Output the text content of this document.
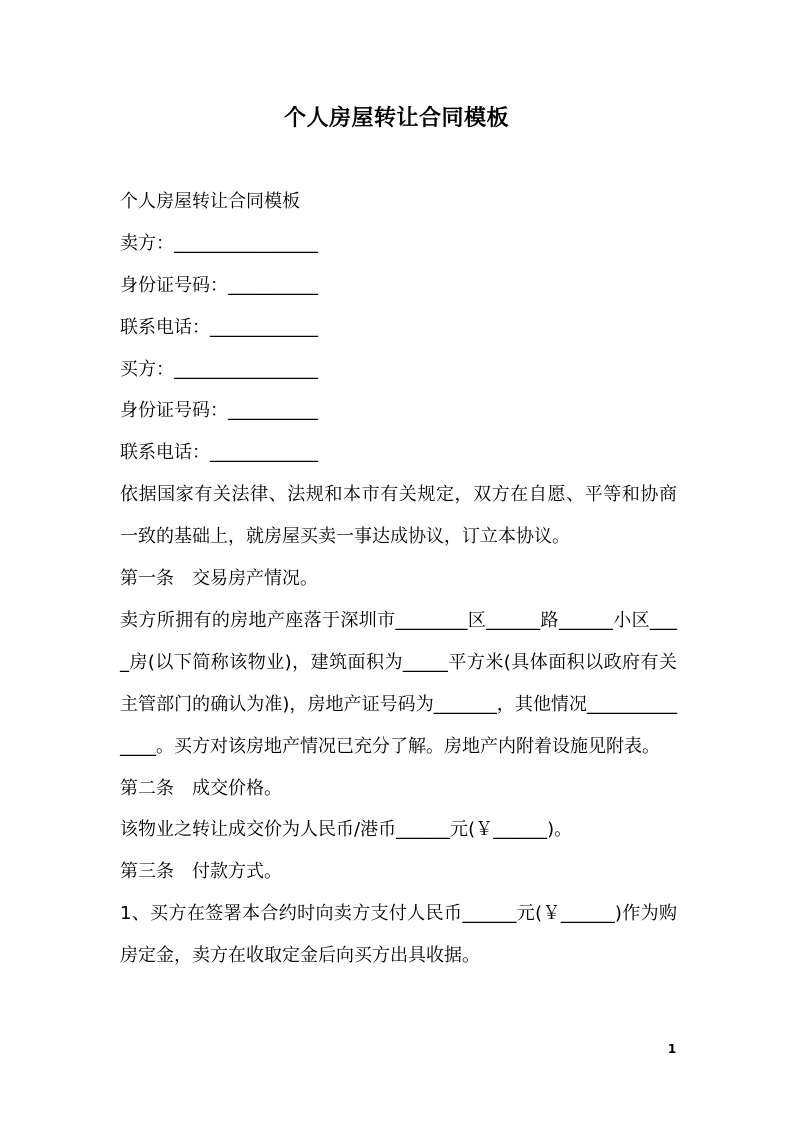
个人房屋转让合同模板
个人房屋转让合同模板
卖方：________________
身份证号码：__________
联系电话：____________
买方：________________
身份证号码：__________
联系电话：____________
依据国家有关法律、法规和本市有关规定，双方在自愿、平等和协商一致的基础上，就房屋买卖一事达成协议，订立本协议。
第一条　交易房产情况。
卖方所拥有的房地产座落于深圳市________区______路______小区____房(以下简称该物业)，建筑面积为_____平方米(具体面积以政府有关主管部门的确认为准)，房地产证号码为_______，其他情况______________。买方对该房地产情况已充分了解。房地产内附着设施见附表。
第二条　成交价格。
该物业之转让成交价为人民币/港币______元(￥______)。
第三条　付款方式。
1、买方在签署本合约时向卖方支付人民币______元(￥______)作为购房定金，卖方在收取定金后向买方出具收据。
1
